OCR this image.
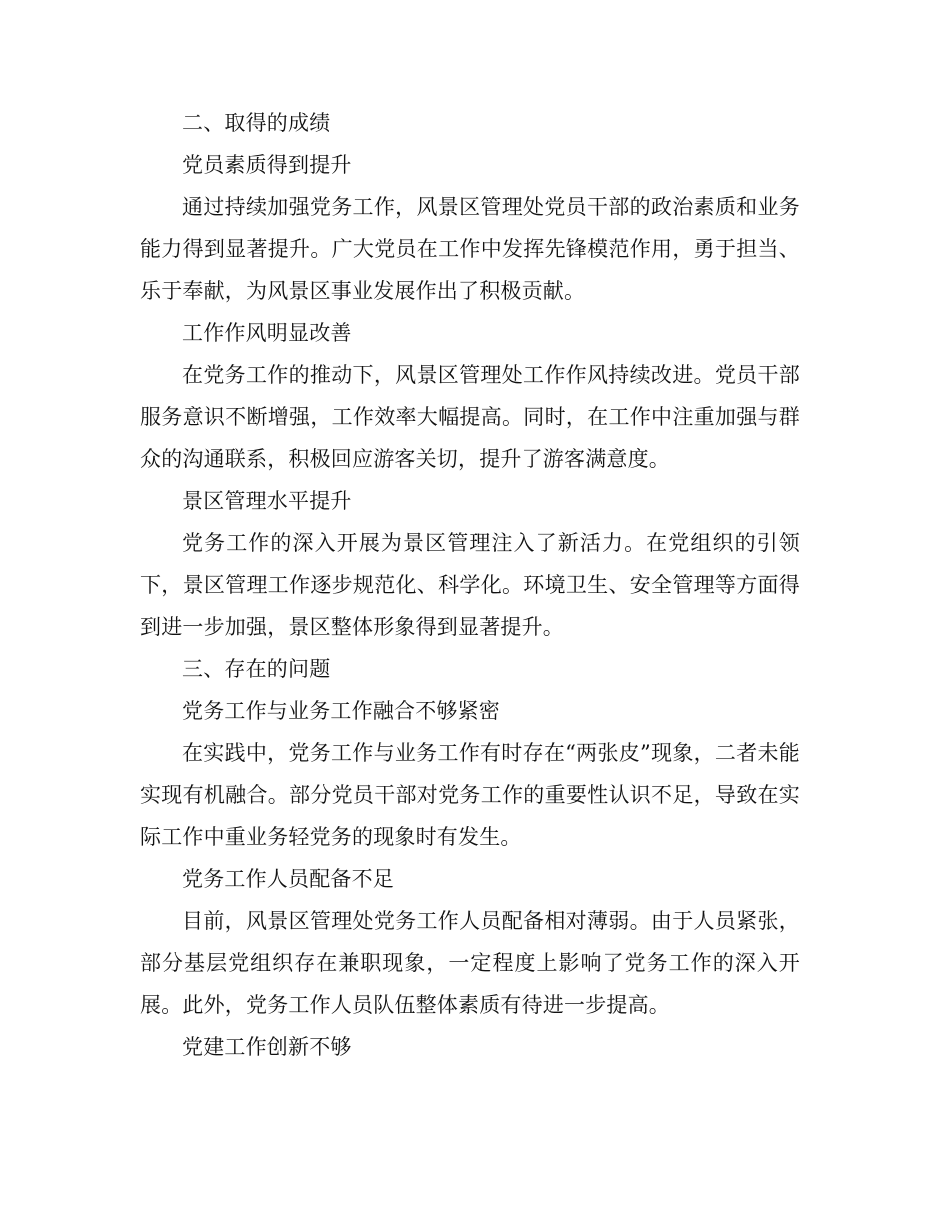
二、取得的成绩

党员素质得到提升

通过持续加强党务工作，风景区管理处党员干部的政治素质和业务能力得到显著提升。广大党员在工作中发挥先锋模范作用，勇于担当、乐于奉献，为风景区事业发展作出了积极贡献。

工作作风明显改善

在党务工作的推动下，风景区管理处工作作风持续改进。党员干部服务意识不断增强，工作效率大幅提高。同时，在工作中注重加强与群众的沟通联系，积极回应游客关切，提升了游客满意度。

景区管理水平提升

党务工作的深入开展为景区管理注入了新活力。在党组织的引领下，景区管理工作逐步规范化、科学化。环境卫生、安全管理等方面得到进一步加强，景区整体形象得到显著提升。

三、存在的问题

党务工作与业务工作融合不够紧密

在实践中，党务工作与业务工作有时存在“两张皮”现象，二者未能实现有机融合。部分党员干部对党务工作的重要性认识不足，导致在实际工作中重业务轻党务的现象时有发生。

党务工作人员配备不足

目前，风景区管理处党务工作人员配备相对薄弱。由于人员紧张，部分基层党组织存在兼职现象，一定程度上影响了党务工作的深入开展。此外，党务工作人员队伍整体素质有待进一步提高。

党建工作创新不够
